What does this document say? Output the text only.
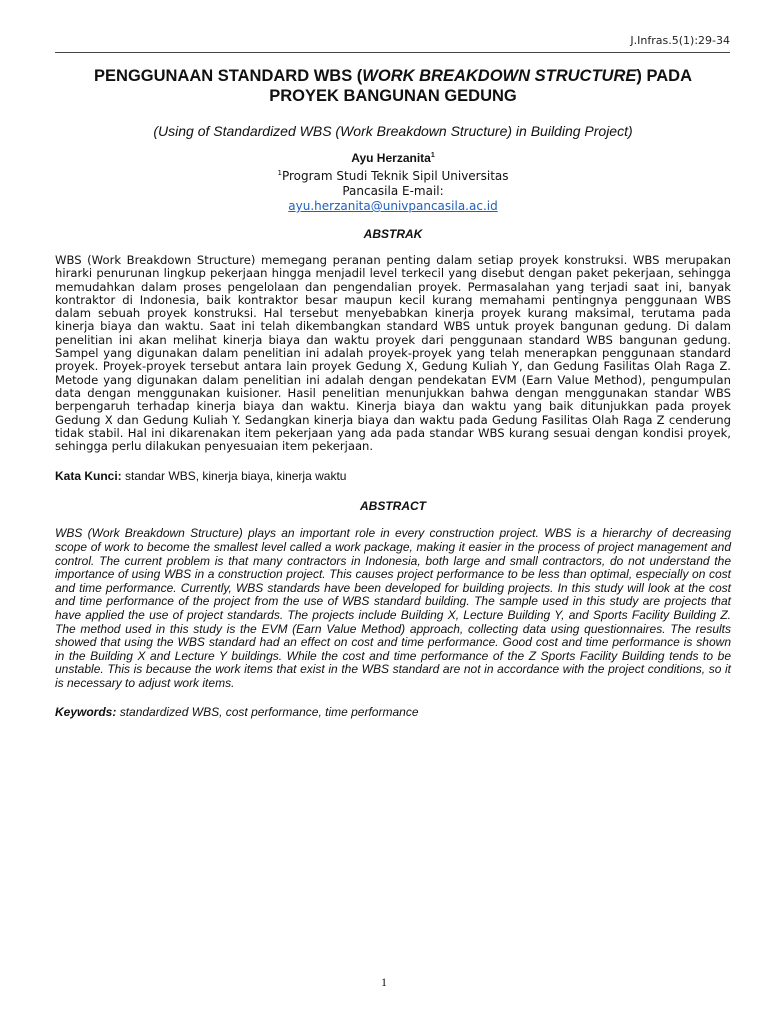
J.Infras.5(1):29-34
PENGGUNAAN STANDARD WBS (WORK BREAKDOWN STRUCTURE) PADA
PROYEK BANGUNAN GEDUNG
(Using of Standardized WBS (Work Breakdown Structure) in Building Project)
Ayu Herzanita$^1$
$^1$Program Studi Teknik Sipil Universitas
Pancasila E-mail:
ayu.herzanita@univpancasila.ac.id
ABSTRAK
WBS (Work Breakdown Structure) memegang peranan penting dalam setiap proyek konstruksi. WBS merupakan hirarki penurunan lingkup pekerjaan hingga menjadil level terkecil yang disebut dengan paket pekerjaan, sehingga memudahkan dalam proses pengelolaan dan pengendalian proyek. Permasalahan yang terjadi saat ini, banyak kontraktor di Indonesia, baik kontraktor besar maupun kecil kurang memahami pentingnya penggunaan WBS dalam sebuah proyek konstruksi. Hal tersebut menyebabkan kinerja proyek kurang maksimal, terutama pada kinerja biaya dan waktu. Saat ini telah dikembangkan standard WBS untuk proyek bangunan gedung. Di dalam penelitian ini akan melihat kinerja biaya dan waktu proyek dari penggunaan standard WBS bangunan gedung. Sampel yang digunakan dalam penelitian ini adalah proyek-proyek yang telah menerapkan penggunaan standard proyek. Proyek-proyek tersebut antara lain proyek Gedung X, Gedung Kuliah Y, dan Gedung Fasilitas Olah Raga Z. Metode yang digunakan dalam penelitian ini adalah dengan pendekatan EVM (Earn Value Method), pengumpulan data dengan menggunakan kuisioner. Hasil penelitian menunjukkan bahwa dengan menggunakan standar WBS berpengaruh terhadap kinerja biaya dan waktu. Kinerja biaya dan waktu yang baik ditunjukkan pada proyek Gedung X dan Gedung Kuliah Y. Sedangkan kinerja biaya dan waktu pada Gedung Fasilitas Olah Raga Z cenderung tidak stabil. Hal ini dikarenakan item pekerjaan yang ada pada standar WBS kurang sesuai dengan kondisi proyek, sehingga perlu dilakukan penyesuaian item pekerjaan.
Kata Kunci: standar WBS, kinerja biaya, kinerja waktu
ABSTRACT
WBS (Work Breakdown Structure) plays an important role in every construction project. WBS is a hierarchy of decreasing scope of work to become the smallest level called a work package, making it easier in the process of project management and control. The current problem is that many contractors in Indonesia, both large and small contractors, do not understand the importance of using WBS in a construction project. This causes project performance to be less than optimal, especially on cost and time performance. Currently, WBS standards have been developed for building projects. In this study will look at the cost and time performance of the project from the use of WBS standard building. The sample used in this study are projects that have applied the use of project standards. The projects include Building X, Lecture Building Y, and Sports Facility Building Z. The method used in this study is the EVM (Earn Value Method) approach, collecting data using questionnaires. The results showed that using the WBS standard had an effect on cost and time performance. Good cost and time performance is shown in the Building X and Lecture Y buildings. While the cost and time performance of the Z Sports Facility Building tends to be unstable. This is because the work items that exist in the WBS standard are not in accordance with the project conditions, so it is necessary to adjust work items.
Keywords: standardized WBS, cost performance, time performance
1
